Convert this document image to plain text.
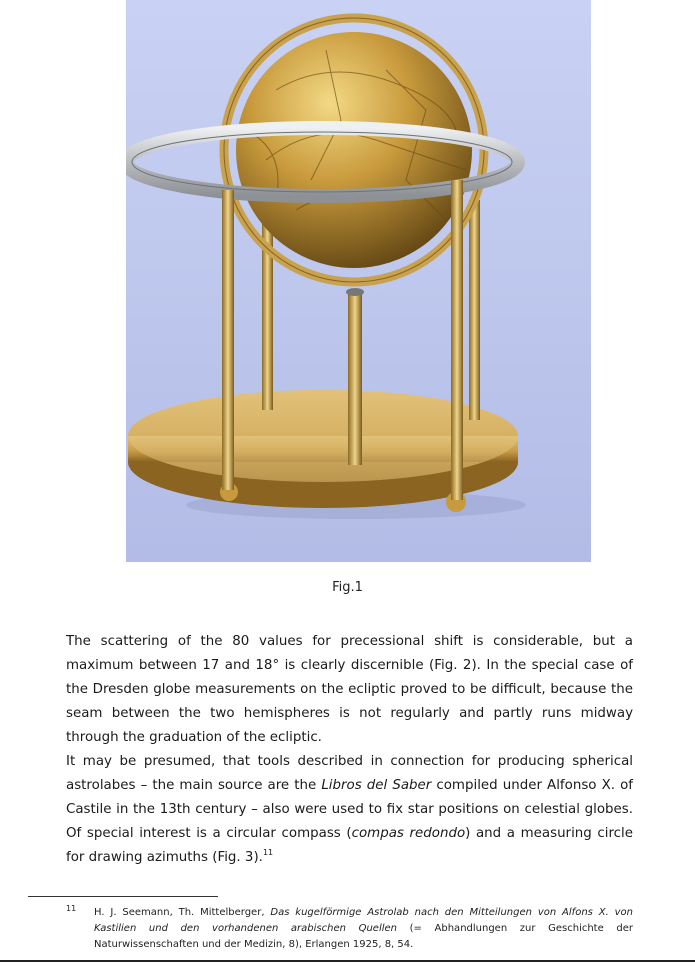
Fig.1

The scattering of the 80 values for precessional shift is considerable, but a maximum between 17 and 18° is clearly discernible (Fig. 2). In the special case of the Dresden globe measurements on the ecliptic proved to be difficult, because the seam between the two hemispheres is not regularly and partly runs midway through the graduation of the ecliptic.

It may be presumed, that tools described in connection for producing spherical astrolabes – the main source are the Libros del Saber compiled under Alfonso X. of Castile in the 13th century – also were used to fix star positions on celestial globes. Of special interest is a circular compass (compas redondo) and a measuring circle for drawing azimuths (Fig. 3).$^{11}$

11 H. J. Seemann, Th. Mittelberger, Das kugelförmige Astrolab nach den Mitteilungen von Alfons X. von Kastilien und den vorhandenen arabischen Quellen (= Abhandlungen zur Geschichte der Naturwissenschaften und der Medizin, 8), Erlangen 1925, 8, 54.
